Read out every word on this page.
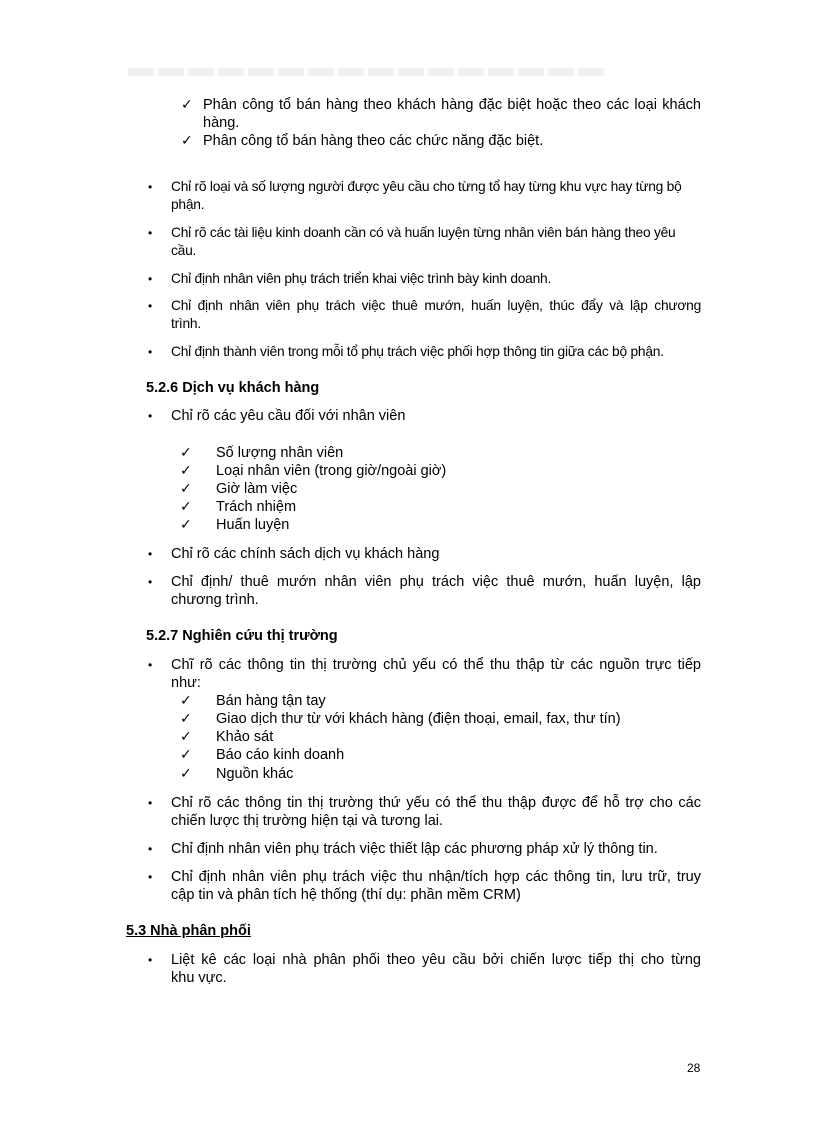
✓ Phân công tổ bán hàng theo khách hàng đặc biệt hoặc theo các loại khách
hàng.
✓ Phân công tổ bán hàng theo các chức năng đặc biệt.
• Chỉ rõ loại và số lượng người được yêu cầu cho từng tổ hay từng khu vực hay từng bộ
phận.
• Chỉ rõ các tài liệu kinh doanh cần có và huấn luyện từng nhân viên bán hàng theo yêu
cầu.
• Chỉ định nhân viên phụ trách triển khai việc trình bày kinh doanh.
• Chỉ định nhân viên phụ trách việc thuê mướn, huấn luyện, thúc đẩy và lập chương
trình.
• Chỉ định thành viên trong mỗi tổ phụ trách việc phối hợp thông tin giữa các bộ phận.
5.2.6 Dịch vụ khách hàng
• Chỉ rõ các yêu cầu đối với nhân viên
✓ Số lượng nhân viên
✓ Loại nhân viên (trong giờ/ngoài giờ)
✓ Giờ làm việc
✓ Trách nhiệm
✓ Huấn luyện
• Chỉ rõ các chính sách dịch vụ khách hàng
• Chỉ định/ thuê mướn nhân viên phụ trách việc thuê mướn, huấn luyện, lập
chương trình.
5.2.7 Nghiên cứu thị trường
• Chĩ rõ các thông tin thị trường chủ yếu có thể thu thập từ các nguồn trực tiếp
như:
✓ Bán hàng tận tay
✓ Giao dịch thư từ với khách hàng (điện thoại, email, fax, thư tín)
✓ Khảo sát
✓ Báo cáo kinh doanh
✓ Nguồn khác
• Chỉ rõ các thông tin thị trường thứ yếu có thể thu thập được để hỗ trợ cho các
chiến lược thị trường hiện tại và tương lai.
• Chỉ định nhân viên phụ trách việc thiết lập các phương pháp xử lý thông tin.
• Chỉ định nhân viên phụ trách việc thu nhận/tích hợp các thông tin, lưu trữ, truy
cập tin và phân tích hệ thống (thí dụ: phần mềm CRM)
5.3 Nhà phân phối
• Liệt kê các loại nhà phân phối theo yêu cầu bởi chiến lược tiếp thị cho từng
khu vực.
28
